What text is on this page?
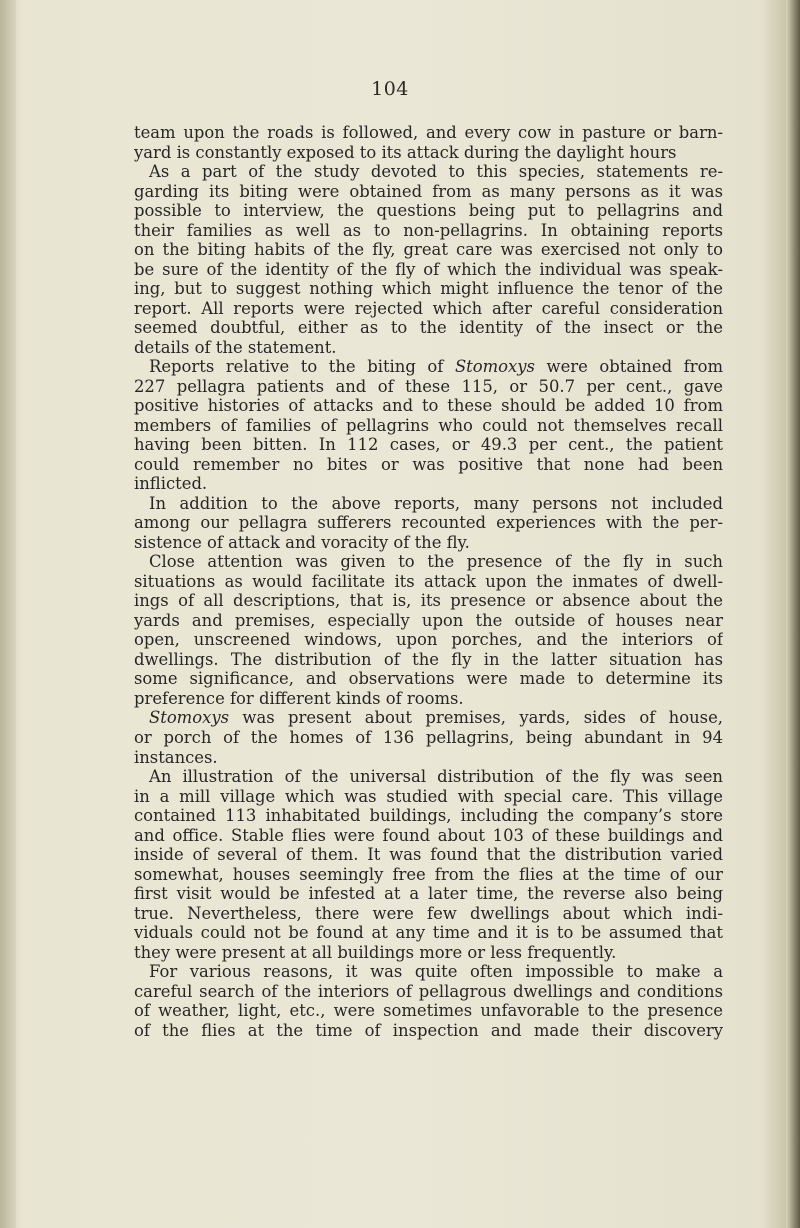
104
team upon the roads is followed, and every cow in pasture or barn-
yard is constantly exposed to its attack during the daylight hours
As a part of the study devoted to this species, statements re-
garding its biting were obtained from as many persons as it was
possible to interview, the questions being put to pellagrins and
their families as well as to non-pellagrins. In obtaining reports
on the biting habits of the fly, great care was exercised not only to
be sure of the identity of the fly of which the individual was speak-
ing, but to suggest nothing which might influence the tenor of the
report. All reports were rejected which after careful consideration
seemed doubtful, either as to the identity of the insect or the
details of the statement.
Reports relative to the biting of Stomoxys were obtained from
227 pellagra patients and of these 115, or 50.7 per cent., gave
positive histories of attacks and to these should be added 10 from
members of families of pellagrins who could not themselves recall
having been bitten. In 112 cases, or 49.3 per cent., the patient
could remember no bites or was positive that none had been
inflicted.
In addition to the above reports, many persons not included
among our pellagra sufferers recounted experiences with the per-
sistence of attack and voracity of the fly.
Close attention was given to the presence of the fly in such
situations as would facilitate its attack upon the inmates of dwell-
ings of all descriptions, that is, its presence or absence about the
yards and premises, especially upon the outside of houses near
open, unscreened windows, upon porches, and the interiors of
dwellings. The distribution of the fly in the latter situation has
some significance, and observations were made to determine its
preference for different kinds of rooms.
Stomoxys was present about premises, yards, sides of house,
or porch of the homes of 136 pellagrins, being abundant in 94
instances.
An illustration of the universal distribution of the fly was seen
in a mill village which was studied with special care. This village
contained 113 inhabitated buildings, including the company’s store
and office. Stable flies were found about 103 of these buildings and
inside of several of them. It was found that the distribution varied
somewhat, houses seemingly free from the flies at the time of our
first visit would be infested at a later time, the reverse also being
true. Nevertheless, there were few dwellings about which indi-
viduals could not be found at any time and it is to be assumed that
they were present at all buildings more or less frequently.
For various reasons, it was quite often impossible to make a
careful search of the interiors of pellagrous dwellings and conditions
of weather, light, etc., were sometimes unfavorable to the presence
of the flies at the time of inspection and made their discovery
